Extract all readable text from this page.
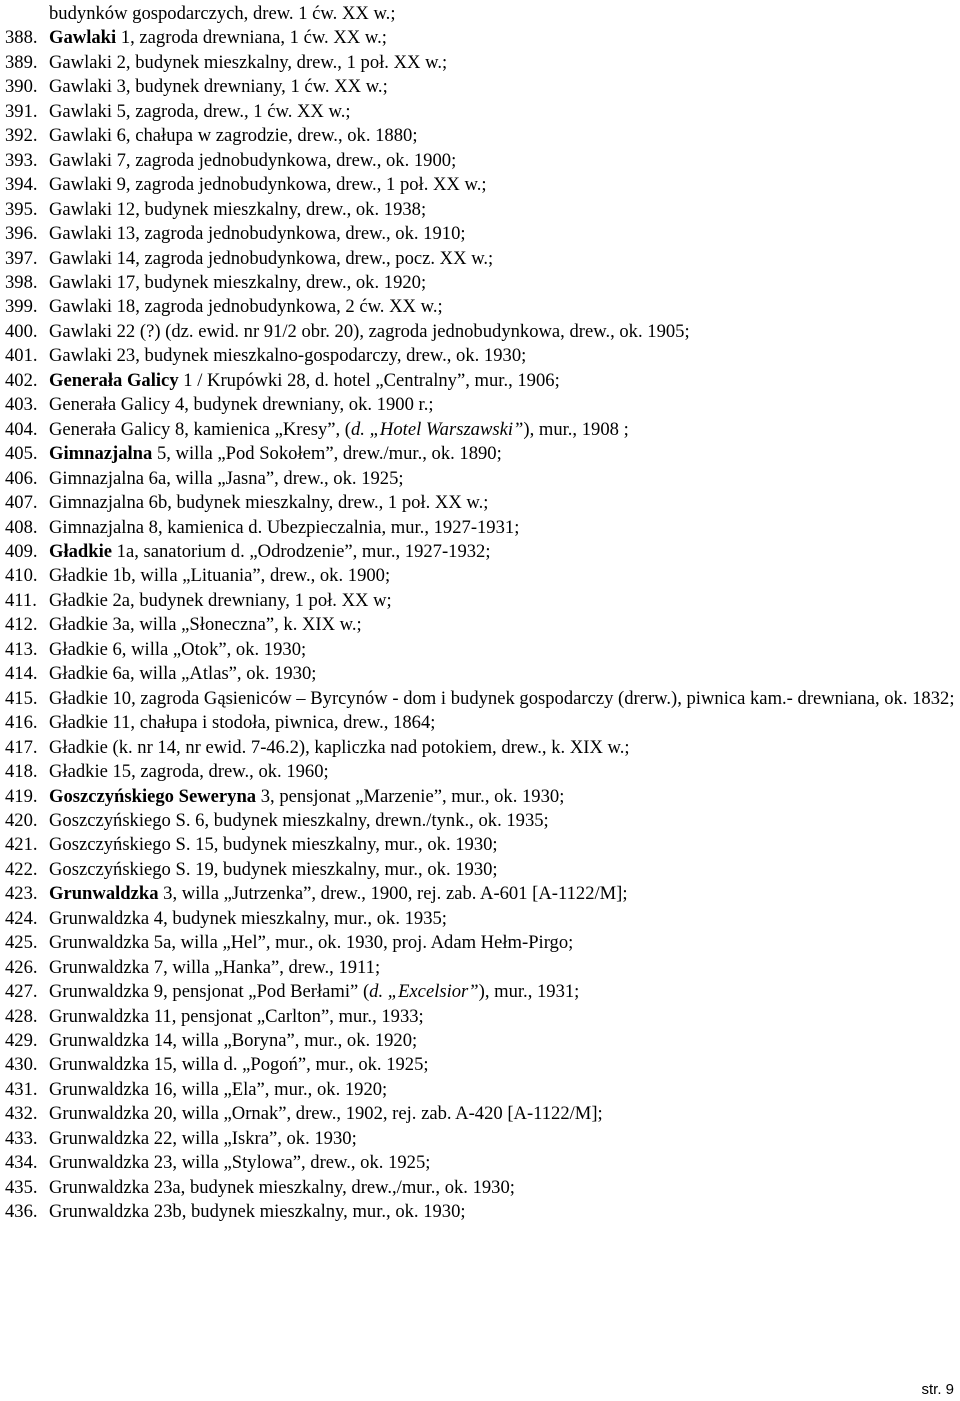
budynków gospodarczych, drew. 1 ćw. XX w.;
388. Gawlaki 1, zagroda drewniana, 1 ćw. XX w.;
389. Gawlaki 2, budynek mieszkalny, drew., 1 poł. XX w.;
390. Gawlaki 3, budynek drewniany, 1 ćw. XX w.;
391. Gawlaki 5, zagroda, drew., 1 ćw. XX w.;
392. Gawlaki 6, chałupa w zagrodzie, drew., ok. 1880;
393. Gawlaki 7, zagroda jednobudynkowa, drew., ok. 1900;
394. Gawlaki 9, zagroda jednobudynkowa, drew., 1 poł. XX w.;
395. Gawlaki 12, budynek mieszkalny, drew., ok. 1938;
396. Gawlaki 13, zagroda jednobudynkowa, drew., ok. 1910;
397. Gawlaki 14, zagroda jednobudynkowa, drew., pocz. XX w.;
398. Gawlaki 17, budynek mieszkalny, drew., ok. 1920;
399. Gawlaki 18, zagroda jednobudynkowa, 2 ćw. XX w.;
400. Gawlaki 22 (?) (dz. ewid. nr 91/2 obr. 20), zagroda jednobudynkowa, drew., ok. 1905;
401. Gawlaki 23, budynek mieszkalno-gospodarczy, drew., ok. 1930;
402. Generała Galicy 1 / Krupówki 28, d. hotel „Centralny”, mur., 1906;
403. Generała Galicy 4, budynek drewniany, ok. 1900 r.;
404. Generała Galicy 8, kamienica „Kresy”, (d. „Hotel Warszawski”), mur., 1908 ;
405. Gimnazjalna 5, willa „Pod Sokołem”, drew./mur., ok. 1890;
406. Gimnazjalna 6a, willa „Jasna”, drew., ok. 1925;
407. Gimnazjalna 6b, budynek mieszkalny, drew., 1 poł. XX w.;
408. Gimnazjalna 8, kamienica d. Ubezpieczalnia, mur., 1927-1931;
409. Gładkie 1a, sanatorium d. „Odrodzenie”, mur., 1927-1932;
410. Gładkie 1b, willa „Lituania”, drew., ok. 1900;
411. Gładkie 2a, budynek drewniany, 1 poł. XX w;
412. Gładkie 3a, willa „Słoneczna”, k. XIX w.;
413. Gładkie 6, willa „Otok”, ok. 1930;
414. Gładkie 6a, willa „Atlas”, ok. 1930;
415. Gładkie 10, zagroda Gąsieniców – Byrcynów - dom i budynek gospodarczy (drerw.), piwnica kam.- drewniana, ok. 1832;
416. Gładkie 11, chałupa i stodoła, piwnica, drew., 1864;
417. Gładkie (k. nr 14, nr ewid. 7-46.2), kapliczka nad potokiem, drew., k. XIX w.;
418. Gładkie 15, zagroda, drew., ok. 1960;
419. Goszczyńskiego Seweryna 3, pensjonat „Marzenie”, mur., ok. 1930;
420. Goszczyńskiego S. 6, budynek mieszkalny, drewn./tynk., ok. 1935;
421. Goszczyńskiego S. 15, budynek mieszkalny, mur., ok. 1930;
422. Goszczyńskiego S. 19, budynek mieszkalny, mur., ok. 1930;
423. Grunwaldzka 3, willa „Jutrzenka”, drew., 1900, rej. zab. A-601 [A-1122/M];
424. Grunwaldzka 4, budynek mieszkalny, mur., ok. 1935;
425. Grunwaldzka 5a, willa „Hel”, mur., ok. 1930, proj. Adam Hełm-Pirgo;
426. Grunwaldzka 7, willa „Hanka”, drew., 1911;
427. Grunwaldzka 9, pensjonat „Pod Berłami” (d. „Excelsior”), mur., 1931;
428. Grunwaldzka 11, pensjonat „Carlton”, mur., 1933;
429. Grunwaldzka 14, willa „Boryna”, mur., ok. 1920;
430. Grunwaldzka 15, willa d. „Pogoń”, mur., ok. 1925;
431. Grunwaldzka 16, willa „Ela”, mur., ok. 1920;
432. Grunwaldzka 20, willa „Ornak”, drew., 1902, rej. zab. A-420 [A-1122/M];
433. Grunwaldzka 22, willa „Iskra”, ok. 1930;
434. Grunwaldzka 23, willa „Stylowa”, drew., ok. 1925;
435. Grunwaldzka 23a, budynek mieszkalny, drew.,/mur., ok. 1930;
436. Grunwaldzka 23b, budynek mieszkalny, mur., ok. 1930;
str. 9
